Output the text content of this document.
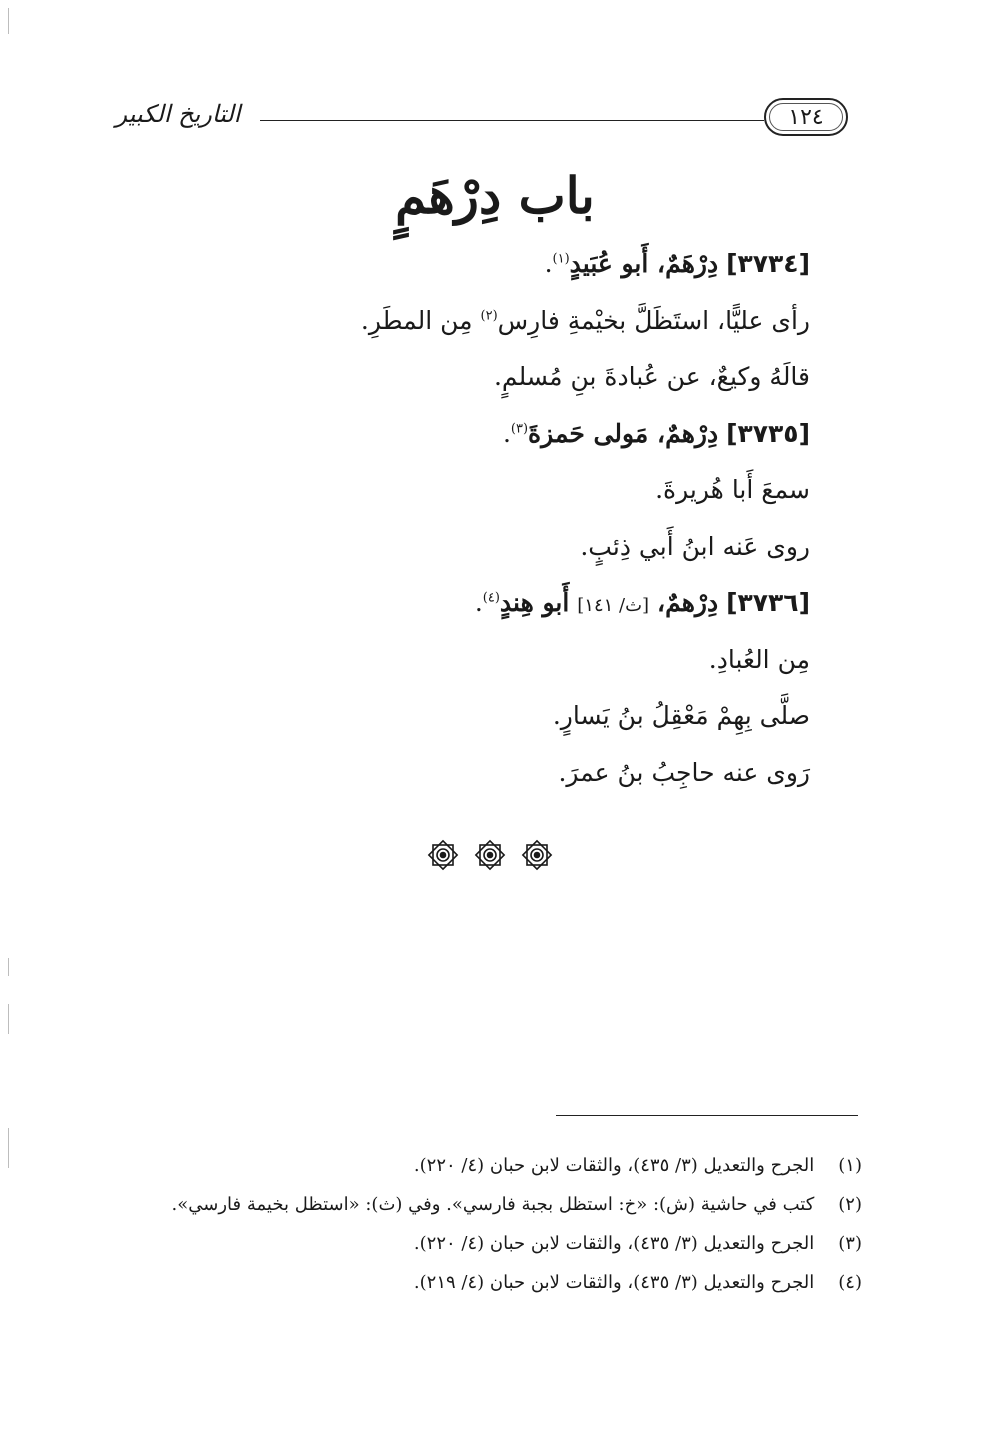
التاريخ الكبير	١٢٤
باب دِرْهَمٍ
[٣٧٣٤] دِرْهَمٌ، أَبو عُبَيدٍ$^{(١)}$.
رأى عليًّا، استَظَلَّ بخيْمةِ فارِس$^{(٢)}$ مِن المطَرِ.
قالَهُ وكيعٌ، عن عُبادةَ بنِ مُسلمٍ.
[٣٧٣٥] دِرْهمٌ، مَولى حَمزةَ$^{(٣)}$.
سمعَ أَبا هُريرةَ.
روى عَنه ابنُ أَبي ذِئبٍ.
[٣٧٣٦] دِرْهمٌ، [ث/ ١٤١] أَبو هِندٍ$^{(٤)}$.
مِن العُبادِ.
صلَّى بِهِمْ مَعْقِلُ بنُ يَسارٍ.
رَوى عنه حاجِبُ بنُ عمرَ.
(١) الجرح والتعديل (٣/ ٤٣٥)، والثقات لابن حبان (٤/ ٢٢٠).
(٢) كتب في حاشية (ش): «خ: استظل بجبة فارسي». وفي (ث): «استظل بخيمة فارسي».
(٣) الجرح والتعديل (٣/ ٤٣٥)، والثقات لابن حبان (٤/ ٢٢٠).
(٤) الجرح والتعديل (٣/ ٤٣٥)، والثقات لابن حبان (٤/ ٢١٩).
